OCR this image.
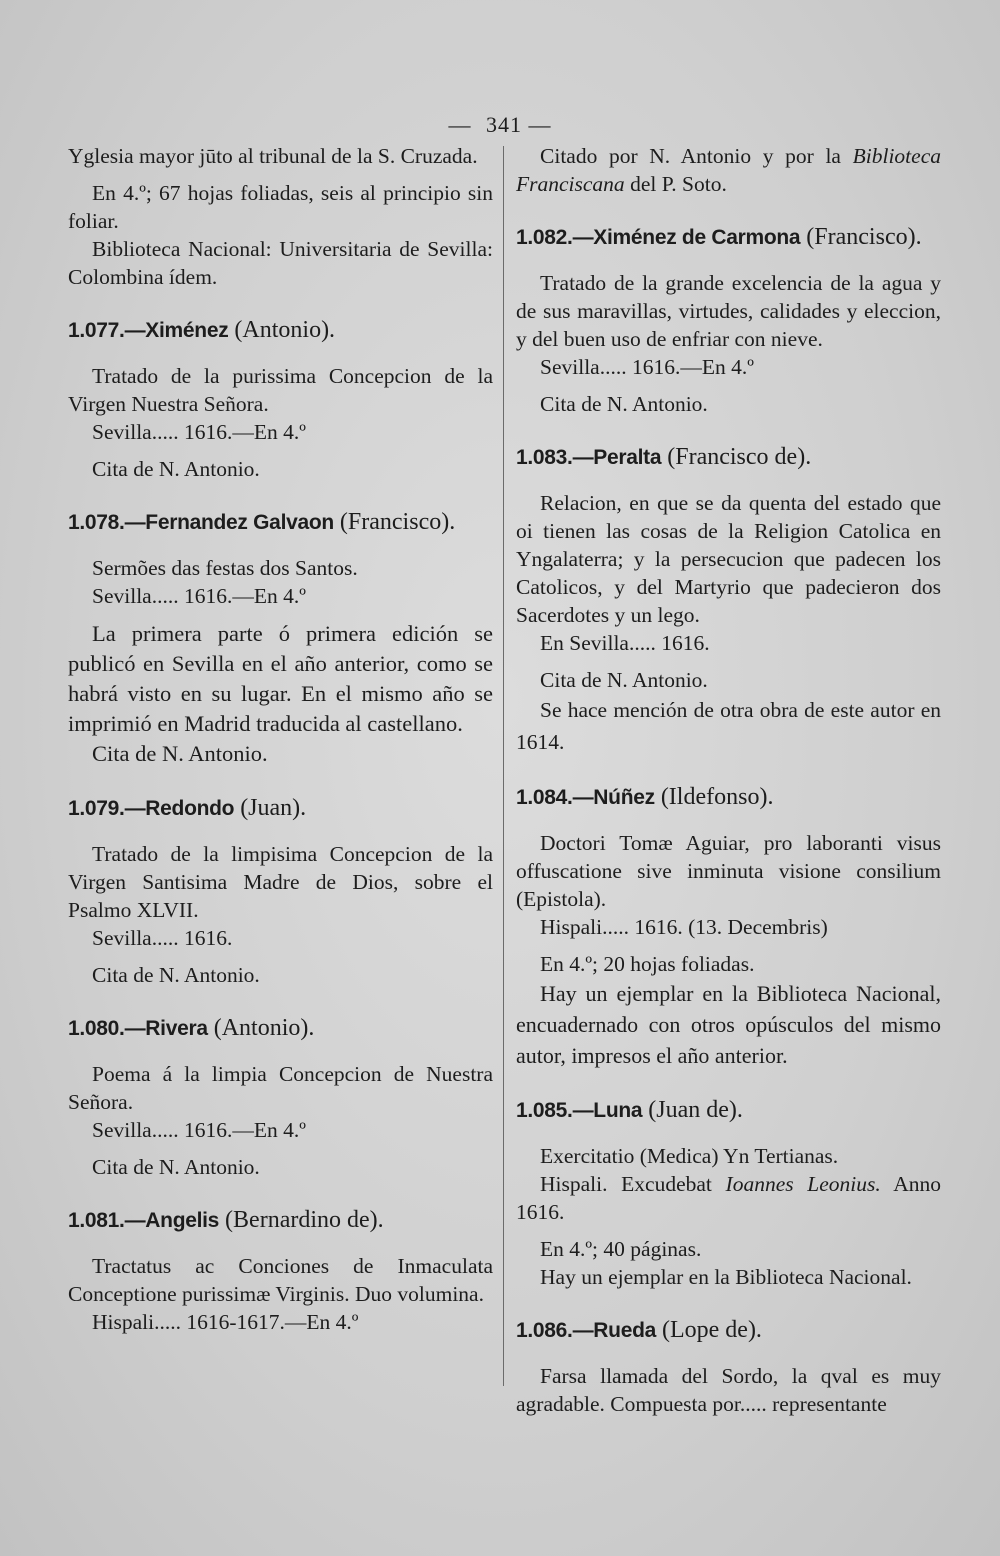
— 341 —

Yglesia mayor jūto al tribunal de la S. Cruzada.

En 4.º; 67 hojas foliadas, seis al principio sin foliar.

Biblioteca Nacional: Universitaria de Sevilla: Colombina ídem.

1.077.—Ximénez (Antonio).

Tratado de la purissima Concepcion de la Virgen Nuestra Señora.

Sevilla..... 1616.—En 4.º

Cita de N. Antonio.

1.078.—Fernandez Galvaon (Francisco).

Sermões das festas dos Santos.

Sevilla..... 1616.—En 4.º

La primera parte ó primera edición se publicó en Sevilla en el año anterior, como se habrá visto en su lugar. En el mismo año se imprimió en Madrid traducida al castellano.

Cita de N. Antonio.

1.079.—Redondo (Juan).

Tratado de la limpisima Concepcion de la Virgen Santisima Madre de Dios, sobre el Psalmo XLVII.

Sevilla..... 1616.

Cita de N. Antonio.

1.080.—Rivera (Antonio).

Poema á la limpia Concepcion de Nuestra Señora.

Sevilla..... 1616.—En 4.º

Cita de N. Antonio.

1.081.—Angelis (Bernardino de).

Tractatus ac Conciones de Inmaculata Conceptione purissimæ Virginis. Duo volumina.

Hispali..... 1616-1617.—En 4.º

Citado por N. Antonio y por la Biblioteca Franciscana del P. Soto.

1.082.—Ximénez de Carmona (Francisco).

Tratado de la grande excelencia de la agua y de sus maravillas, virtudes, calidades y eleccion, y del buen uso de enfriar con nieve.

Sevilla..... 1616.—En 4.º

Cita de N. Antonio.

1.083.—Peralta (Francisco de).

Relacion, en que se da quenta del estado que oi tienen las cosas de la Religion Catolica en Yngalaterra; y la persecucion que padecen los Catolicos, y del Martyrio que padecieron dos Sacerdotes y un lego.

En Sevilla..... 1616.

Cita de N. Antonio.

Se hace mención de otra obra de este autor en 1614.

1.084.—Núñez (Ildefonso).

Doctori Tomæ Aguiar, pro laboranti visus offuscatione sive inminuta visione consilium (Epistola).

Hispali..... 1616. (13. Decembris)

En 4.º; 20 hojas foliadas.

Hay un ejemplar en la Biblioteca Nacional, encuadernado con otros opúsculos del mismo autor, impresos el año anterior.

1.085.—Luna (Juan de).

Exercitatio (Medica) Yn Tertianas.

Hispali. Excudebat Ioannes Leonius. Anno 1616.

En 4.º; 40 páginas.

Hay un ejemplar en la Biblioteca Nacional.

1.086.—Rueda (Lope de).

Farsa llamada del Sordo, la qval es muy agradable. Compuesta por..... representante
